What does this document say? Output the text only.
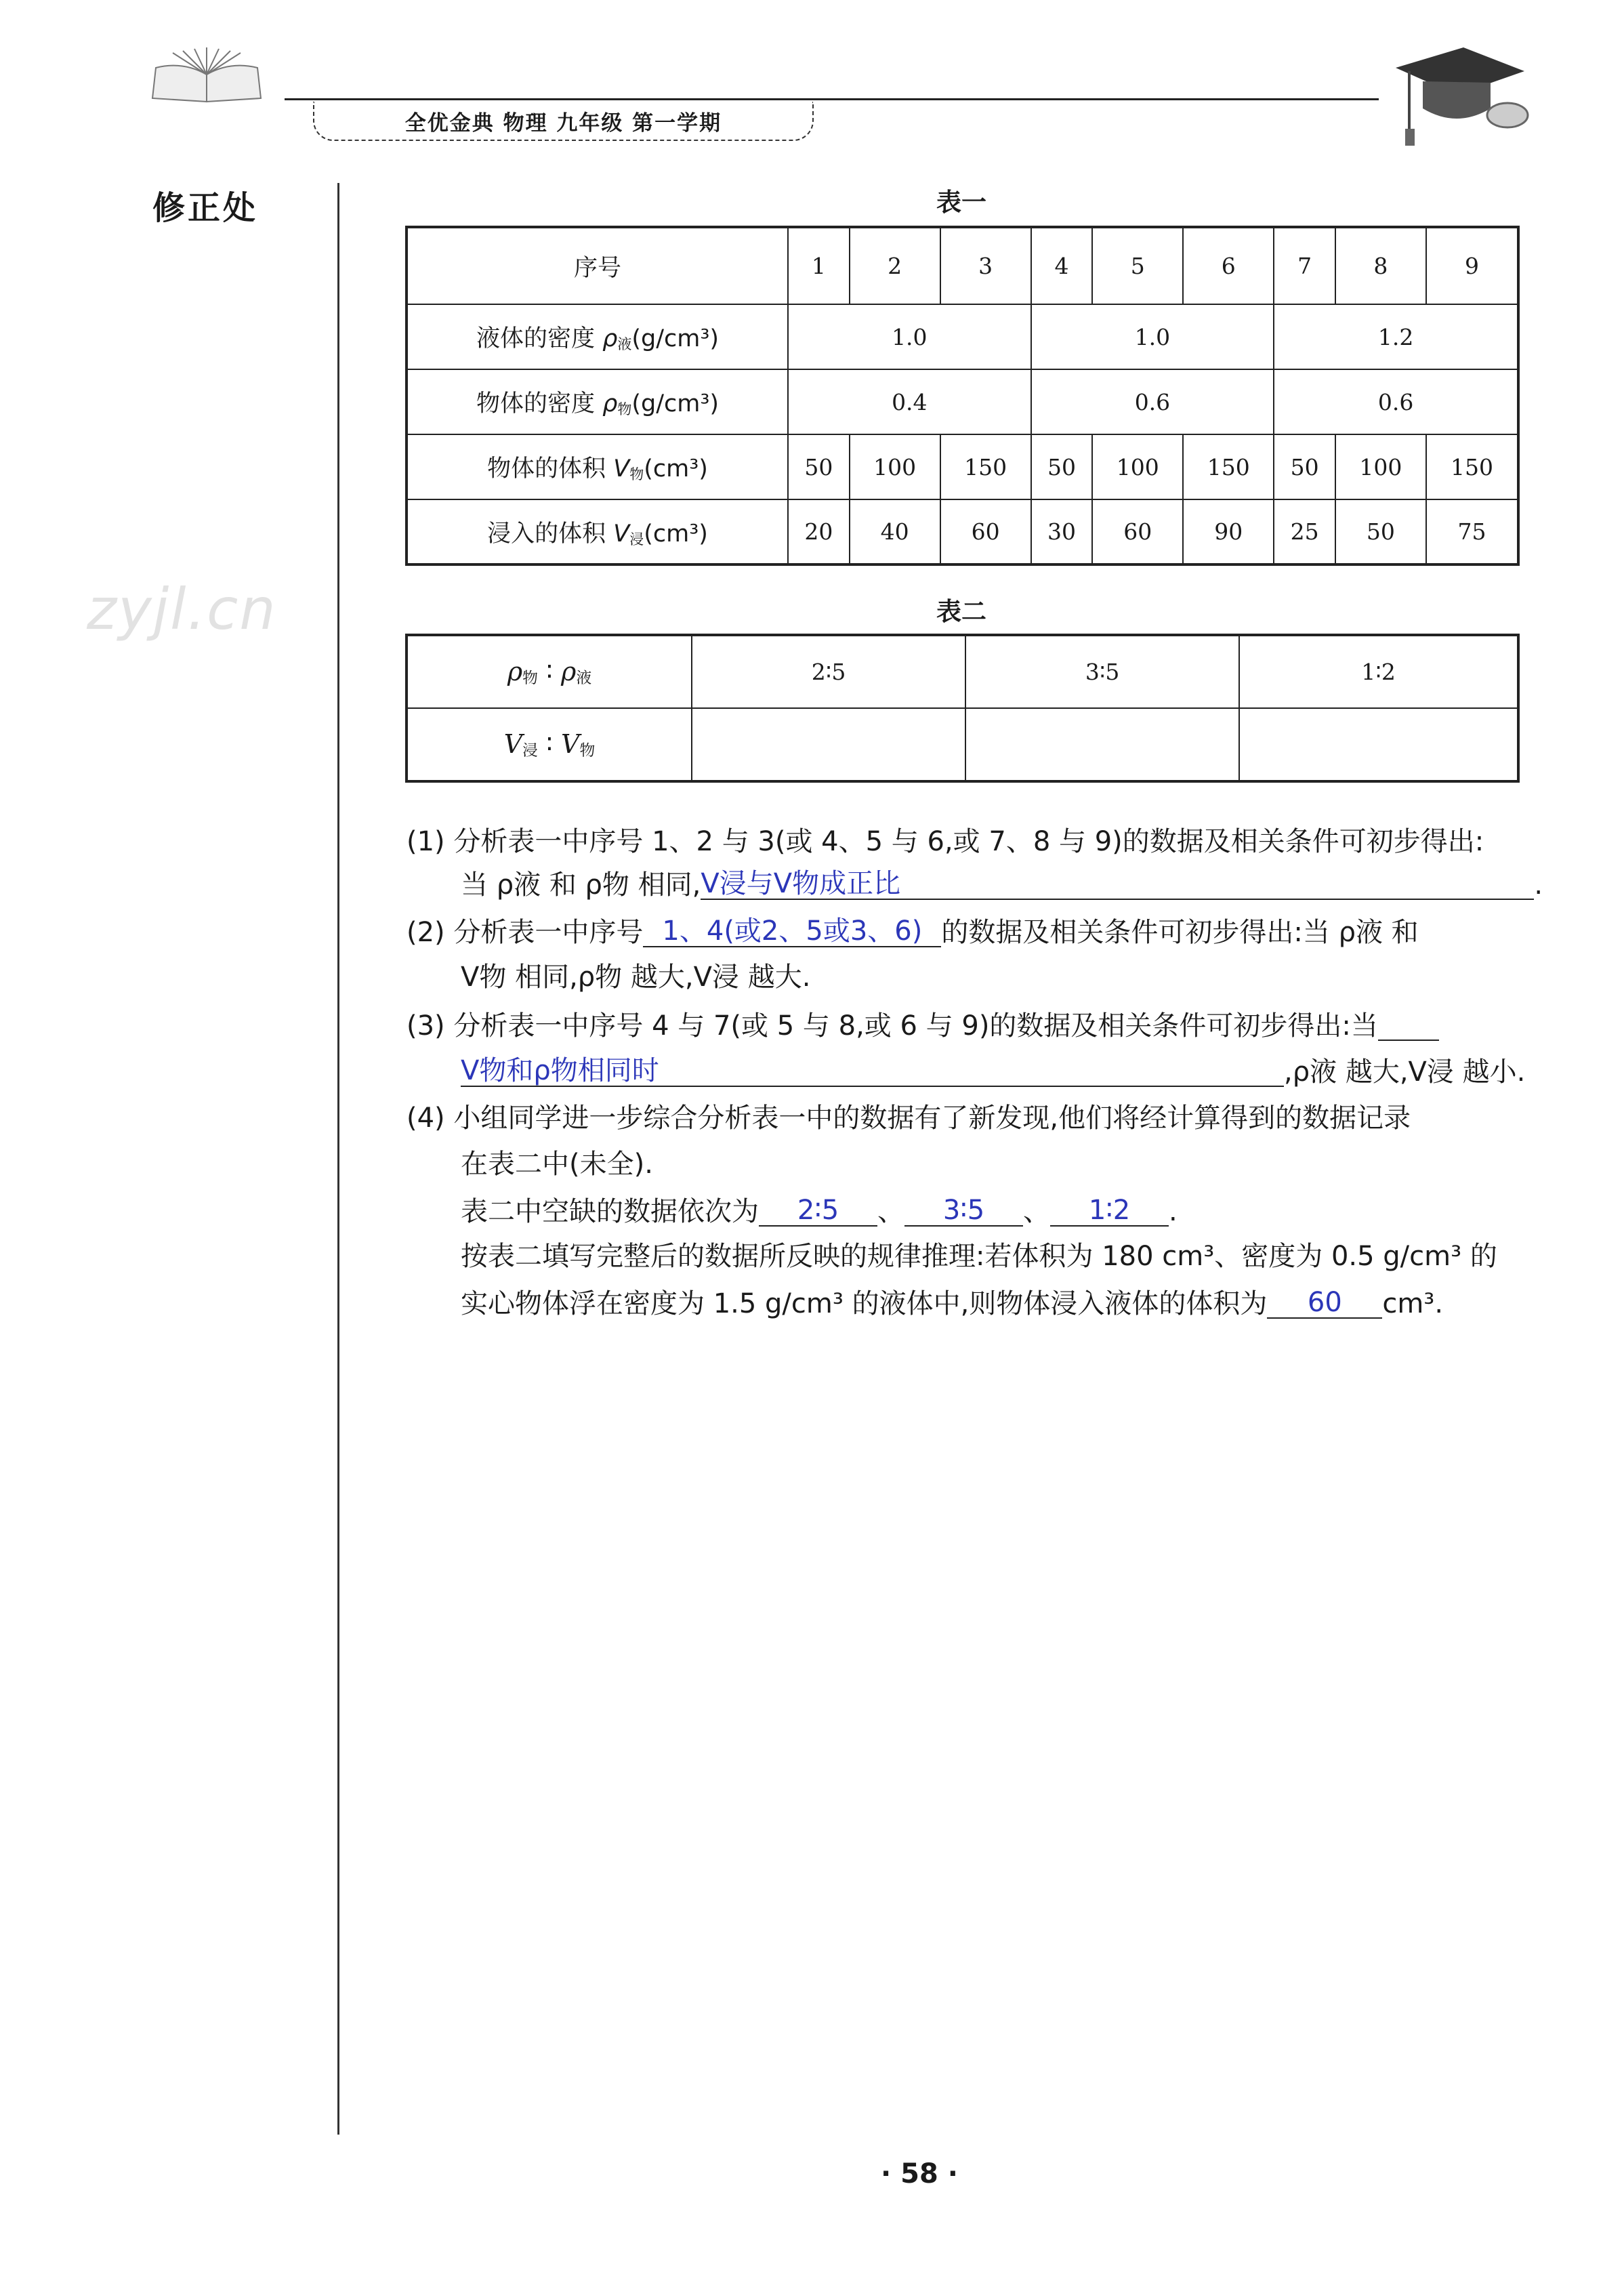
全优金典 物理 九年级 第一学期
修正处
zyjl.cn
表一
序号	1	2	3	4	5	6	7	8	9
液体的密度 ρ液(g/cm³)	1.0			1.0			1.2		
物体的密度 ρ物(g/cm³)	0.4			0.6			0.6		
物体的体积 V物(cm³)	50	100	150	50	100	150	50	100	150
浸入的体积 V浸(cm³)	20	40	60	30	60	90	25	50	75
表二
ρ物 ∶ ρ液	2∶5	3∶5	1∶2
V浸 ∶ V物			
(1) 分析表一中序号 1、2 与 3(或 4、5 与 6,或 7、8 与 9)的数据及相关条件可初步得出:
当 ρ液 和 ρ物 相同,V浸与V物成正比	.
(2) 分析表一中序号 1、4(或2、5或3、6) 的数据及相关条件可初步得出:当 ρ液 和
V物 相同,ρ物 越大,V浸 越大.
(3) 分析表一中序号 4 与 7(或 5 与 8,或 6 与 9)的数据及相关条件可初步得出:当
V物和ρ物相同时	,ρ液 越大,V浸 越小.
(4) 小组同学进一步综合分析表一中的数据有了新发现,他们将经计算得到的数据记录
在表二中(未全).
表二中空缺的数据依次为 2∶5 、 3∶5 、 1∶2 .
按表二填写完整后的数据所反映的规律推理:若体积为 180 cm³、密度为 0.5 g/cm³ 的
实心物体浮在密度为 1.5 g/cm³ 的液体中,则物体浸入液体的体积为 60 cm³.
· 58 ·
